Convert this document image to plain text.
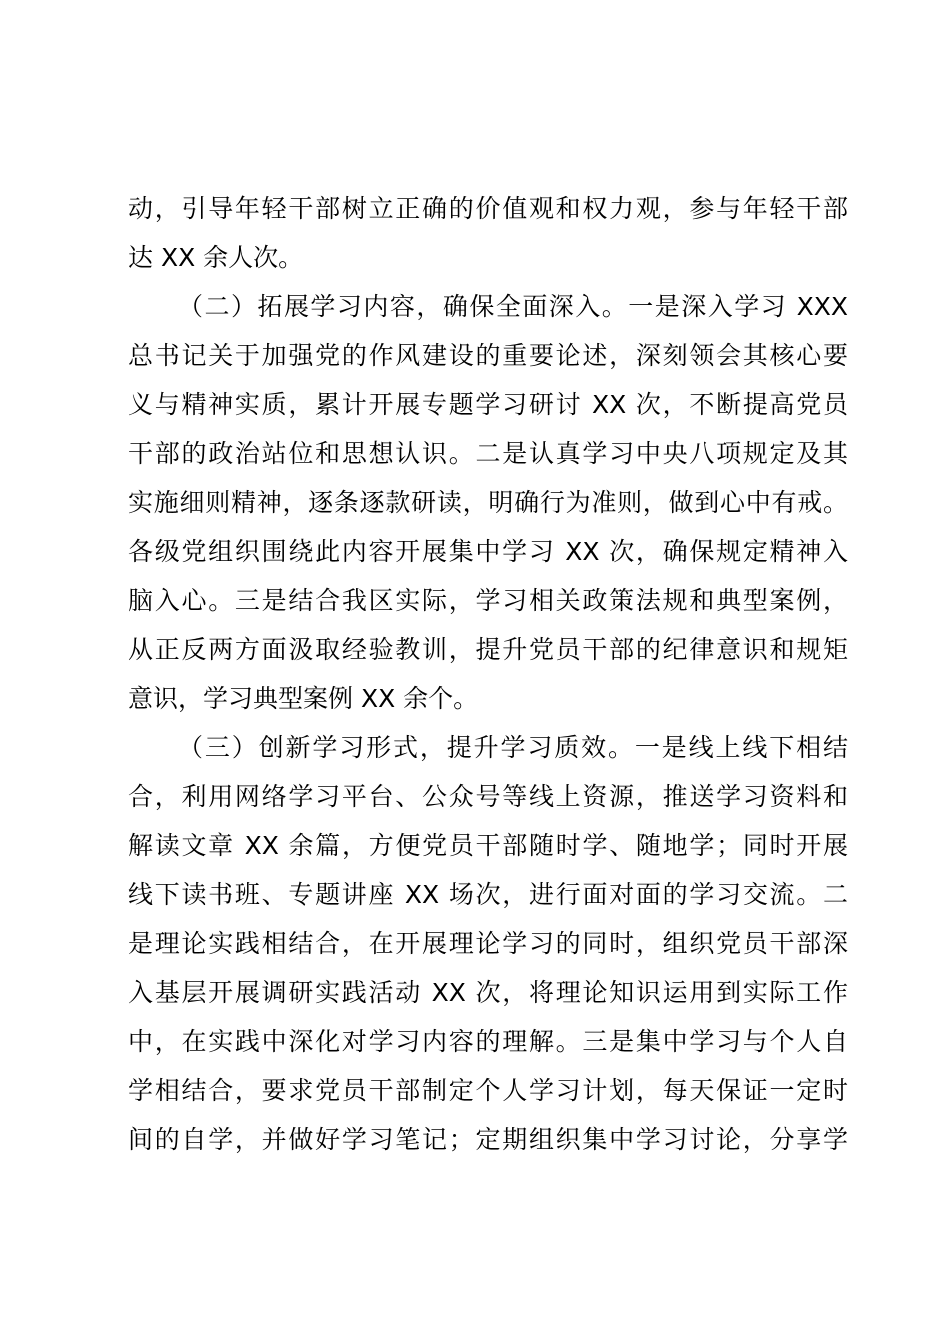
动，引导年轻干部树立正确的价值观和权力观，参与年轻干部
达 XX 余人次。
（二）拓展学习内容，确保全面深入。一是深入学习 XXX
总书记关于加强党的作风建设的重要论述，深刻领会其核心要
义与精神实质，累计开展专题学习研讨 XX 次，不断提高党员
干部的政治站位和思想认识。二是认真学习中央八项规定及其
实施细则精神，逐条逐款研读，明确行为准则，做到心中有戒。
各级党组织围绕此内容开展集中学习 XX 次，确保规定精神入
脑入心。三是结合我区实际，学习相关政策法规和典型案例，
从正反两方面汲取经验教训，提升党员干部的纪律意识和规矩
意识，学习典型案例 XX 余个。
（三）创新学习形式，提升学习质效。一是线上线下相结
合，利用网络学习平台、公众号等线上资源，推送学习资料和
解读文章 XX 余篇，方便党员干部随时学、随地学；同时开展
线下读书班、专题讲座 XX 场次，进行面对面的学习交流。二
是理论实践相结合，在开展理论学习的同时，组织党员干部深
入基层开展调研实践活动 XX 次，将理论知识运用到实际工作
中，在实践中深化对学习内容的理解。三是集中学习与个人自
学相结合，要求党员干部制定个人学习计划，每天保证一定时
间的自学，并做好学习笔记；定期组织集中学习讨论，分享学
